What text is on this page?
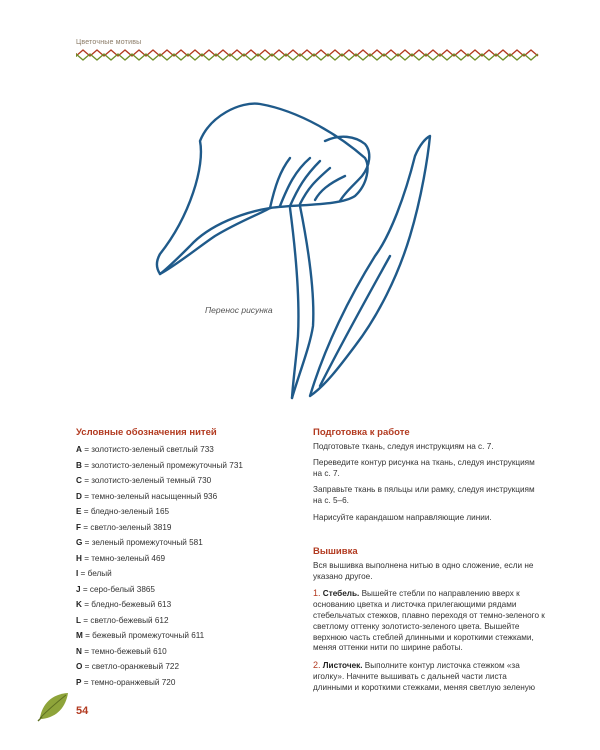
Цветочные мотивы
Перенос рисунка
Условные обозначения нитей
A = золотисто-зеленый светлый 733
B = золотисто-зеленый промежуточный 731
C = золотисто-зеленый темный 730
D = темно-зеленый насыщенный 936
E = бледно-зеленый 165
F = светло-зеленый 3819
G = зеленый промежуточный 581
H = темно-зеленый 469
I = белый
J = серо-белый 3865
K = бледно-бежевый 613
L = светло-бежевый 612
M = бежевый промежуточный 611
N = темно-бежевый 610
O = светло-оранжевый 722
P = темно-оранжевый 720
Подготовка к работе

Подготовьте ткань, следуя инструкциям на с. 7.

Переведите контур рисунка на ткань, следуя инструкциям на с. 7.

Заправьте ткань в пяльцы или рамку, следуя инструкциям на с. 5–6.

Нарисуйте карандашом направляющие линии.

Вышивка

Вся вышивка выполнена нитью в одно сложение, если не указано другое.

1. Стебель. Вышейте стебли по направлению вверх к основанию цветка и листочка прилегающими рядами стебельчатых стежков, плавно переходя от темно-зеленого к светлому оттенку золотисто-зеленого цвета. Вышейте верхнюю часть стеблей длинными и короткими стежками, меняя оттенки нити по ширине работы.

2. Листочек. Выполните контур листочка стежком «за иголку». Начните вышивать с дальней части листа длинными и короткими стежками, меняя светлую зеленую

54
